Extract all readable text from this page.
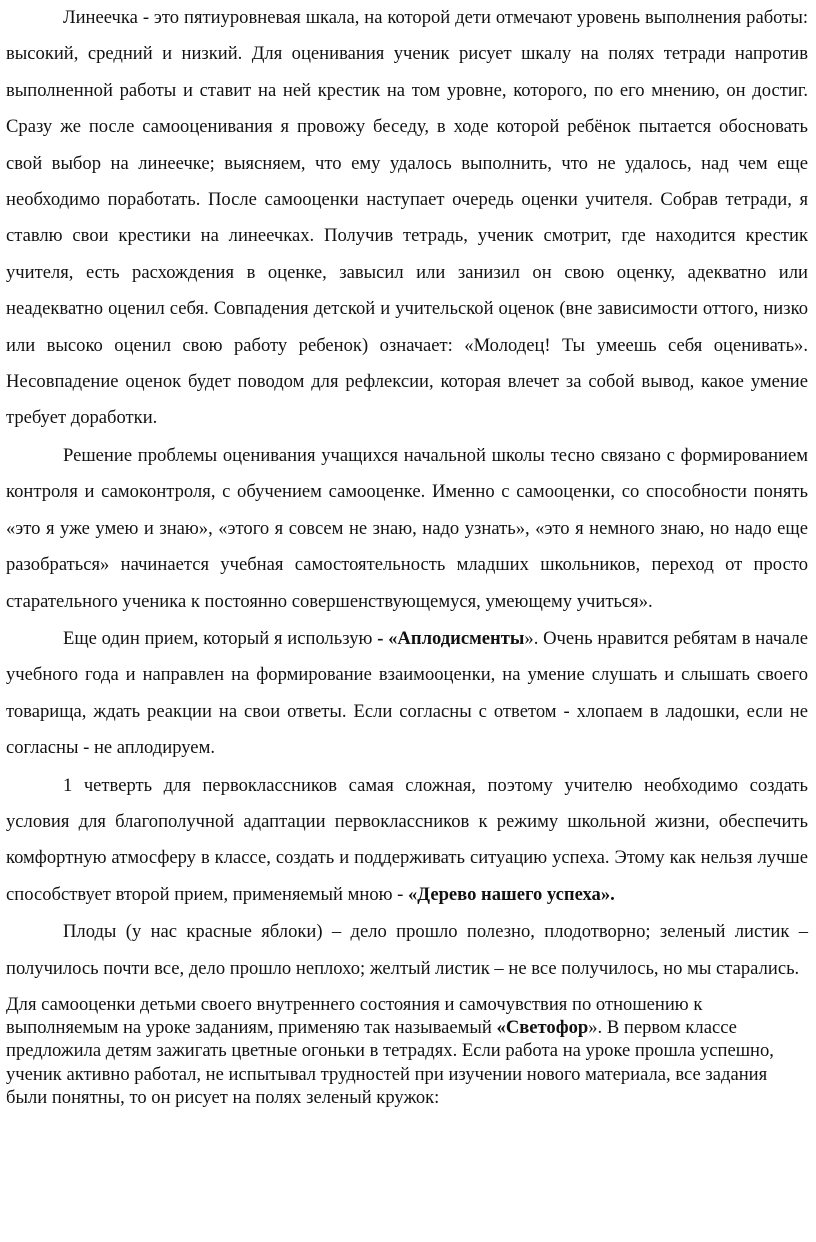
Линеечка - это пятиуровневая шкала, на которой дети отмечают уровень выполнения работы: высокий, средний и низкий. Для оценивания ученик рисует шкалу на полях тетради напротив выполненной работы и ставит на ней крестик на том уровне, которого, по его мнению, он достиг. Сразу же после самооценивания я провожу беседу, в ходе которой ребёнок пытается обосновать свой выбор на линеечке; выясняем, что ему удалось выполнить, что не удалось, над чем еще необходимо поработать. После самооценки наступает очередь оценки учителя. Собрав тетради, я ставлю свои крестики на линеечках. Получив тетрадь, ученик смотрит, где находится крестик учителя, есть расхождения в оценке, завысил или занизил он свою оценку, адекватно или неадекватно оценил себя. Совпадения детской и учительской оценок (вне зависимости оттого, низко или высоко оценил свою работу ребенок) означает: «Молодец! Ты умеешь себя оценивать». Несовпадение оценок будет поводом для рефлексии, которая влечет за собой вывод, какое умение требует доработки.

Решение проблемы оценивания учащихся начальной школы тесно связано с формированием контроля и самоконтроля, с обучением самооценке. Именно с самооценки, со способности понять «это я уже умею и знаю», «этого я совсем не знаю, надо узнать», «это я немного знаю, но надо еще разобраться» начинается учебная самостоятельность младших школьников, переход от просто старательного ученика к постоянно совершенствующемуся, умеющему учиться».

Еще один прием, который я использую - «Аплодисменты». Очень нравится ребятам в начале учебного года и направлен на формирование взаимооценки, на умение слушать и слышать своего товарища, ждать реакции на свои ответы. Если согласны с ответом - хлопаем в ладошки, если не согласны - не аплодируем.

1 четверть для первоклассников самая сложная, поэтому учителю необходимо создать условия для благополучной адаптации первоклассников к режиму школьной жизни, обеспечить комфортную атмосферу в классе, создать и поддерживать ситуацию успеха. Этому как нельзя лучше способствует второй прием, применяемый мною - «Дерево нашего успеха».

Плоды (у нас красные яблоки) – дело прошло полезно, плодотворно; зеленый листик – получилось почти все, дело прошло неплохо; желтый листик – не все получилось, но мы старались.

Для самооценки детьми своего внутреннего состояния и самочувствия по отношению к выполняемым на уроке заданиям, применяю так называемый «Светофор». В первом классе предложила детям зажигать цветные огоньки в тетрадях. Если работа на уроке прошла успешно, ученик активно работал, не испытывал трудностей при изучении нового материала, все задания были понятны, то он рисует на полях зеленый кружок:
